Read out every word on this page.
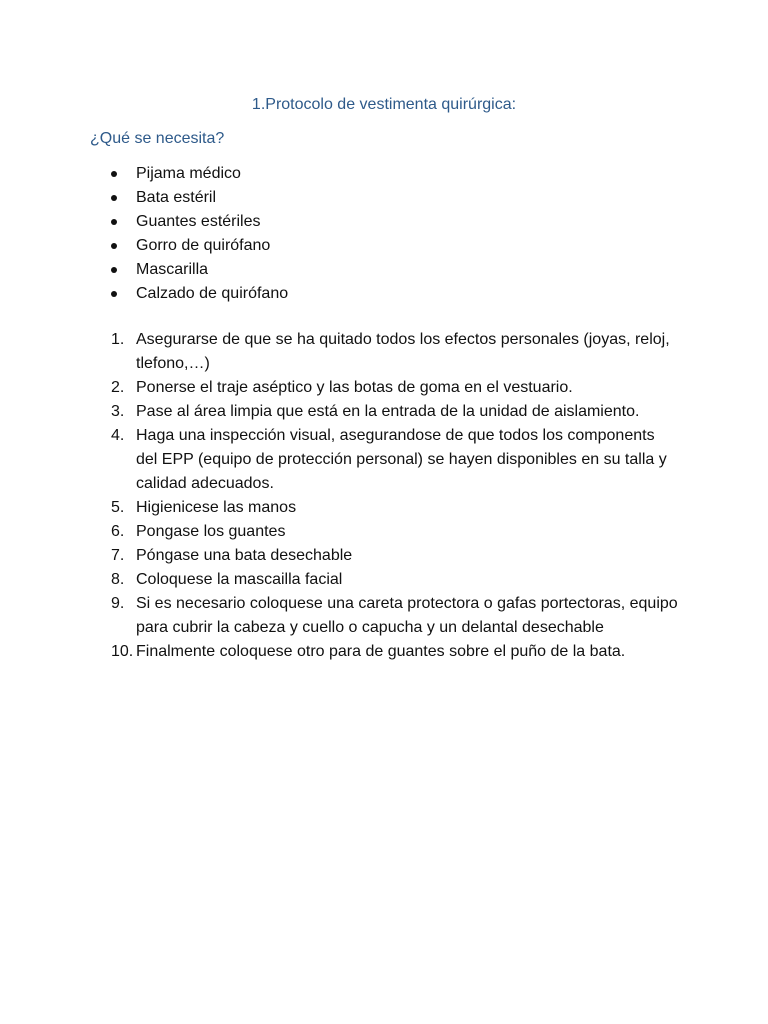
1.Protocolo de vestimenta quirúrgica:
¿Qué se necesita?
Pijama médico
Bata estéril
Guantes estériles
Gorro de quirófano
Mascarilla
Calzado de quirófano
1. Asegurarse de que se ha quitado todos los efectos personales (joyas, reloj, tlefono,…)
2. Ponerse el traje aséptico y las botas de goma en el vestuario.
3. Pase al área limpia que está en la entrada de la unidad de aislamiento.
4. Haga una inspección visual, asegurandose de que todos los components del EPP (equipo de protección personal) se hayen disponibles en su talla y calidad adecuados.
5. Higienicese las manos
6. Pongase los guantes
7. Póngase una bata desechable
8. Coloquese la mascailla facial
9. Si es necesario coloquese una careta protectora o gafas portectoras, equipo para cubrir la cabeza y cuello o capucha y un delantal desechable
10. Finalmente coloquese otro para de guantes sobre el puño de la bata.
